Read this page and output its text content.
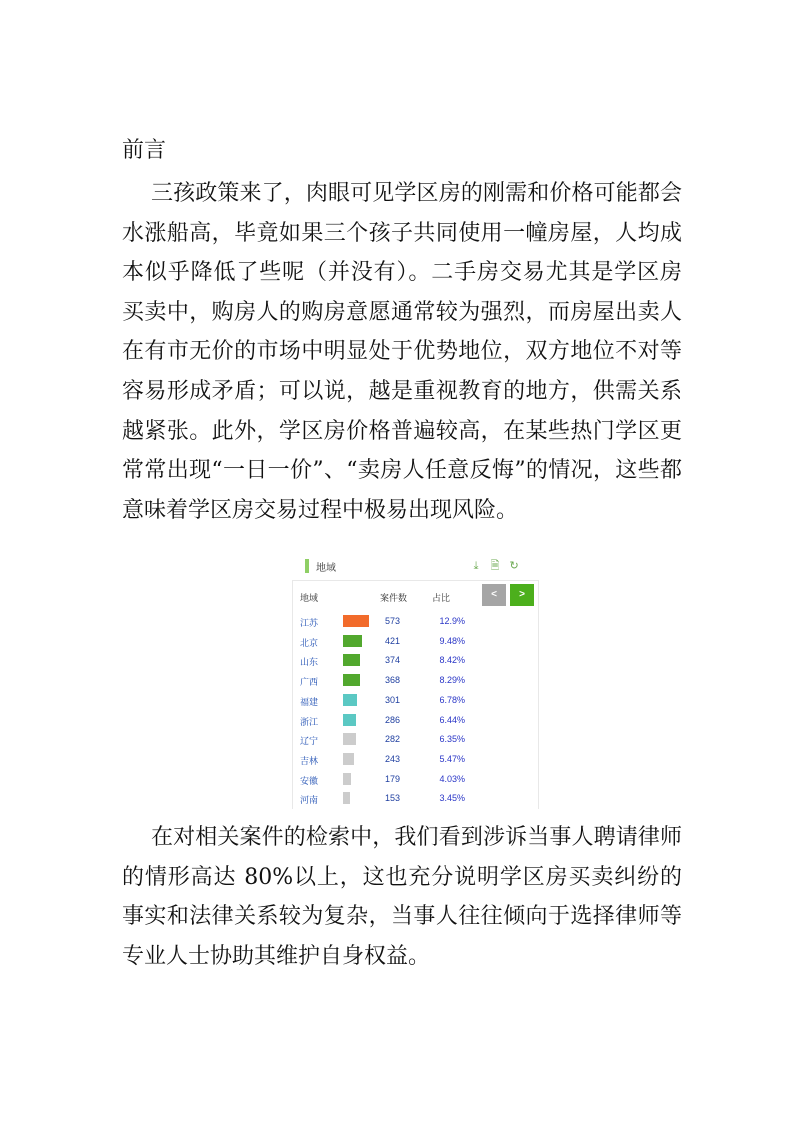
前言

三孩政策来了，肉眼可见学区房的刚需和价格可能都会水涨船高，毕竟如果三个孩子共同使用一幢房屋，人均成本似乎降低了些呢（并没有）。二手房交易尤其是学区房买卖中，购房人的购房意愿通常较为强烈，而房屋出卖人在有市无价的市场中明显处于优势地位，双方地位不对等容易形成矛盾；可以说，越是重视教育的地方，供需关系越紧张。此外，学区房价格普遍较高，在某些热门学区更常常出现“一日一价”、“卖房人任意反悔”的情况，这些都意味着学区房交易过程中极易出现风险。

地域	⤓ 🗎 ↻
地域	案件数	占比	<	>
江苏	573	12.9%
北京	421	9.48%
山东	374	8.42%
广西	368	8.29%
福建	301	6.78%
浙江	286	6.44%
辽宁	282	6.35%
吉林	243	5.47%
安徽	179	4.03%
河南	153	3.45%

在对相关案件的检索中，我们看到涉诉当事人聘请律师的情形高达 80%以上，这也充分说明学区房买卖纠纷的事实和法律关系较为复杂，当事人往往倾向于选择律师等专业人士协助其维护自身权益。
